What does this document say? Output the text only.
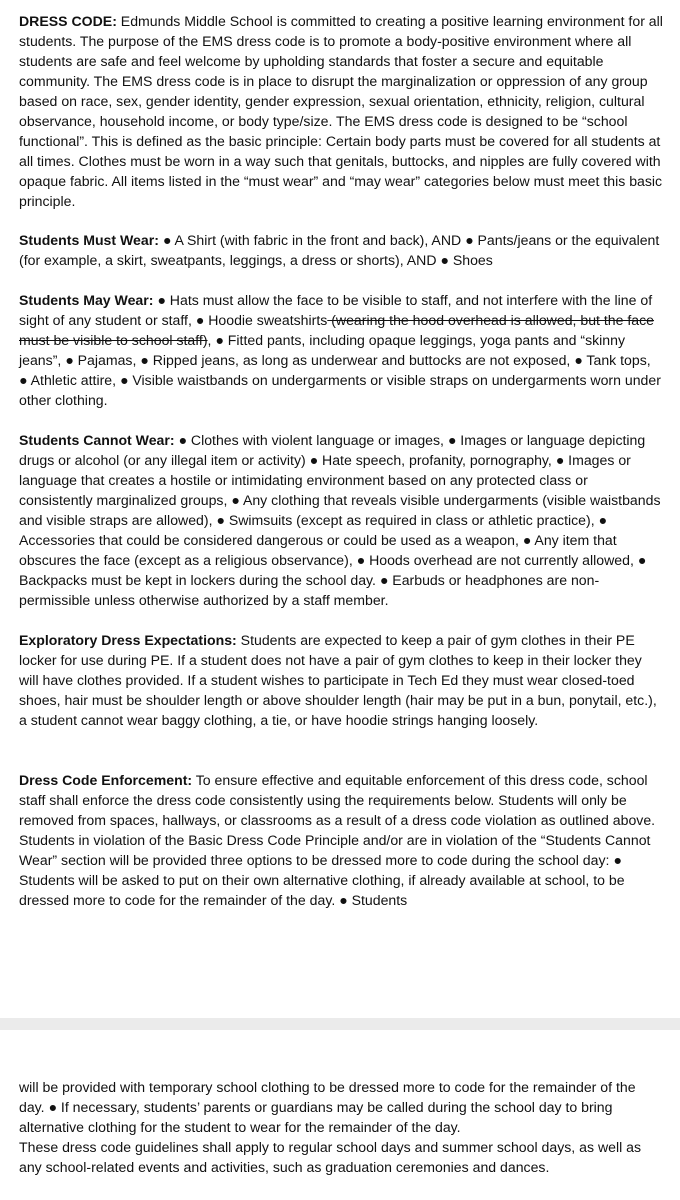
DRESS CODE: Edmunds Middle School is committed to creating a positive learning environment for all students. The purpose of the EMS dress code is to promote a body-positive environment where all students are safe and feel welcome by upholding standards that foster a secure and equitable community. The EMS dress code is in place to disrupt the marginalization or oppression of any group based on race, sex, gender identity, gender expression, sexual orientation, ethnicity, religion, cultural observance, household income, or body type/size. The EMS dress code is designed to be “school functional”. This is defined as the basic principle: Certain body parts must be covered for all students at all times. Clothes must be worn in a way such that genitals, buttocks, and nipples are fully covered with opaque fabric. All items listed in the “must wear” and “may wear” categories below must meet this basic principle.

Students Must Wear: ● A Shirt (with fabric in the front and back), AND ● Pants/jeans or the equivalent (for example, a skirt, sweatpants, leggings, a dress or shorts), AND ● Shoes

Students May Wear: ● Hats must allow the face to be visible to staff, and not interfere with the line of sight of any student or staff, ● Hoodie sweatshirts (wearing the hood overhead is allowed, but the face must be visible to school staff), ● Fitted pants, including opaque leggings, yoga pants and “skinny jeans”, ● Pajamas, ● Ripped jeans, as long as underwear and buttocks are not exposed, ● Tank tops, ● Athletic attire, ● Visible waistbands on undergarments or visible straps on undergarments worn under other clothing.

Students Cannot Wear: ● Clothes with violent language or images, ● Images or language depicting drugs or alcohol (or any illegal item or activity) ● Hate speech, profanity, pornography, ● Images or language that creates a hostile or intimidating environment based on any protected class or consistently marginalized groups, ● Any clothing that reveals visible undergarments (visible waistbands and visible straps are allowed), ● Swimsuits (except as required in class or athletic practice), ● Accessories that could be considered dangerous or could be used as a weapon, ● Any item that obscures the face (except as a religious observance), ● Hoods overhead are not currently allowed, ● Backpacks must be kept in lockers during the school day. ● Earbuds or headphones are non-permissible unless otherwise authorized by a staff member.

Exploratory Dress Expectations: Students are expected to keep a pair of gym clothes in their PE locker for use during PE. If a student does not have a pair of gym clothes to keep in their locker they will have clothes provided. If a student wishes to participate in Tech Ed they must wear closed-toed shoes, hair must be shoulder length or above shoulder length (hair may be put in a bun, ponytail, etc.), a student cannot wear baggy clothing, a tie, or have hoodie strings hanging loosely.

Dress Code Enforcement: To ensure effective and equitable enforcement of this dress code, school staff shall enforce the dress code consistently using the requirements below. Students will only be removed from spaces, hallways, or classrooms as a result of a dress code violation as outlined above. Students in violation of the Basic Dress Code Principle and/or are in violation of the “Students Cannot Wear” section will be provided three options to be dressed more to code during the school day: ● Students will be asked to put on their own alternative clothing, if already available at school, to be dressed more to code for the remainder of the day. ● Students

will be provided with temporary school clothing to be dressed more to code for the remainder of the day. ● If necessary, students’ parents or guardians may be called during the school day to bring alternative clothing for the student to wear for the remainder of the day.

These dress code guidelines shall apply to regular school days and summer school days, as well as any school-related events and activities, such as graduation ceremonies and dances.
